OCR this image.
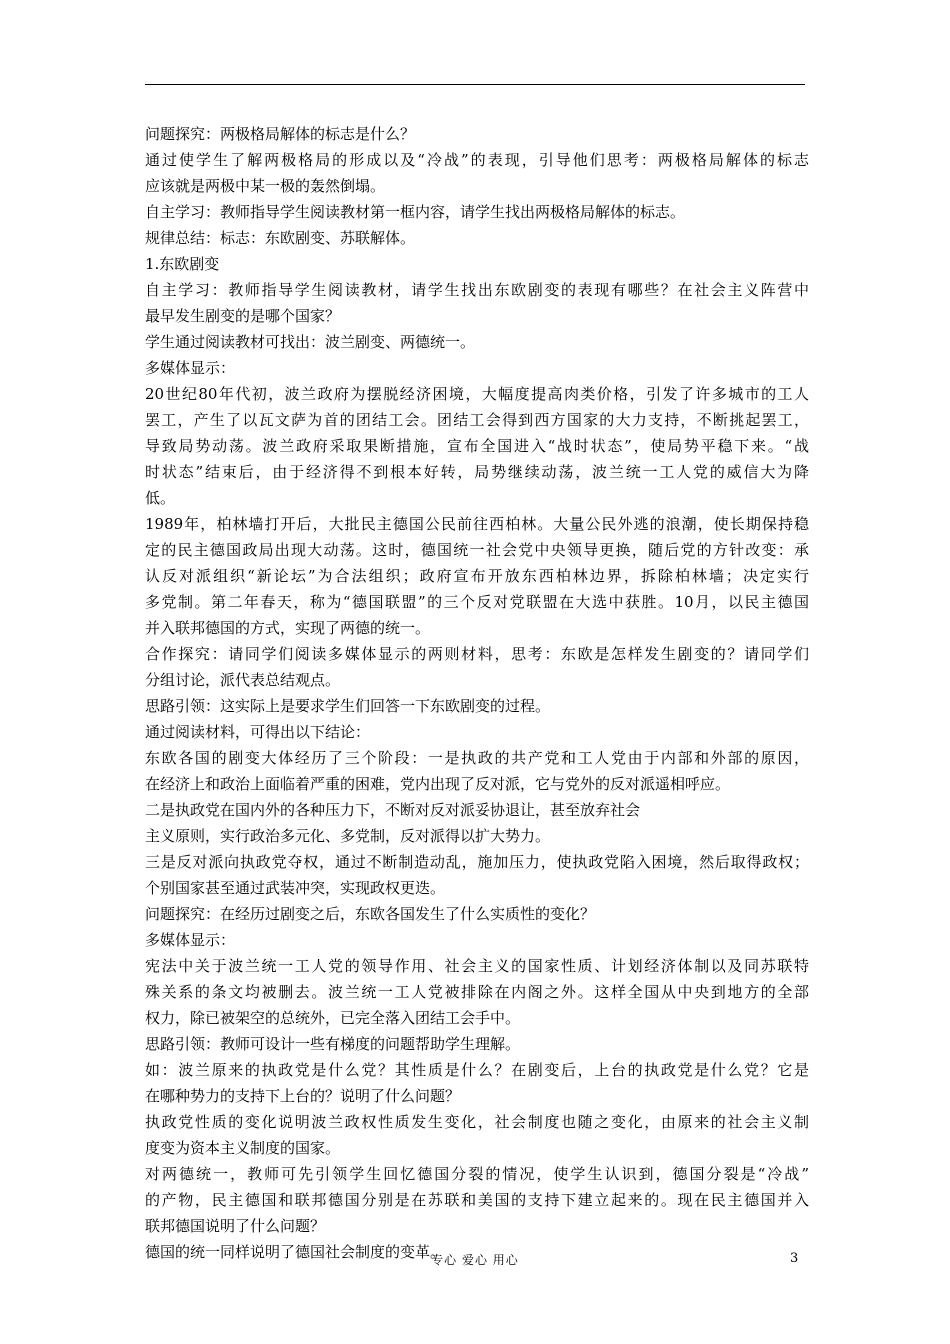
问题探究：两极格局解体的标志是什么？
通过使学生了解两极格局的形成以及“冷战”的表现，引导他们思考：两极格局解体的标志
应该就是两极中某一极的轰然倒塌。
自主学习：教师指导学生阅读教材第一框内容，请学生找出两极格局解体的标志。
规律总结：标志：东欧剧变、苏联解体。
1.东欧剧变
自主学习：教师指导学生阅读教材，请学生找出东欧剧变的表现有哪些？在社会主义阵营中
最早发生剧变的是哪个国家？
学生通过阅读教材可找出：波兰剧变、两德统一。
多媒体显示：
20世纪80年代初，波兰政府为摆脱经济困境，大幅度提高肉类价格，引发了许多城市的工人
罢工，产生了以瓦文萨为首的团结工会。团结工会得到西方国家的大力支持，不断挑起罢工，
导致局势动荡。波兰政府采取果断措施，宣布全国进入“战时状态”，使局势平稳下来。“战
时状态”结束后，由于经济得不到根本好转，局势继续动荡，波兰统一工人党的威信大为降
低。
1989年，柏林墙打开后，大批民主德国公民前往西柏林。大量公民外逃的浪潮，使长期保持稳
定的民主德国政局出现大动荡。这时，德国统一社会党中央领导更换，随后党的方针改变：承
认反对派组织“新论坛”为合法组织；政府宣布开放东西柏林边界，拆除柏林墙；决定实行
多党制。第二年春天，称为“德国联盟”的三个反对党联盟在大选中获胜。10月，以民主德国
并入联邦德国的方式，实现了两德的统一。
合作探究：请同学们阅读多媒体显示的两则材料，思考：东欧是怎样发生剧变的？请同学们
分组讨论，派代表总结观点。
思路引领：这实际上是要求学生们回答一下东欧剧变的过程。
通过阅读材料，可得出以下结论：
东欧各国的剧变大体经历了三个阶段：一是执政的共产党和工人党由于内部和外部的原因，
在经济上和政治上面临着严重的困难，党内出现了反对派，它与党外的反对派遥相呼应。
二是执政党在国内外的各种压力下，不断对反对派妥协退让，甚至放弃社会
主义原则，实行政治多元化、多党制，反对派得以扩大势力。
三是反对派向执政党夺权，通过不断制造动乱，施加压力，使执政党陷入困境，然后取得政权；
个别国家甚至通过武装冲突，实现政权更迭。
问题探究：在经历过剧变之后，东欧各国发生了什么实质性的变化？
多媒体显示：
宪法中关于波兰统一工人党的领导作用、社会主义的国家性质、计划经济体制以及同苏联特
殊关系的条文均被删去。波兰统一工人党被排除在内阁之外。这样全国从中央到地方的全部
权力，除已被架空的总统外，已完全落入团结工会手中。
思路引领：教师可设计一些有梯度的问题帮助学生理解。
如：波兰原来的执政党是什么党？其性质是什么？在剧变后，上台的执政党是什么党？它是
在哪种势力的支持下上台的？说明了什么问题？
执政党性质的变化说明波兰政权性质发生变化，社会制度也随之变化，由原来的社会主义制
度变为资本主义制度的国家。
对两德统一，教师可先引领学生回忆德国分裂的情况，使学生认识到，德国分裂是“冷战”
的产物，民主德国和联邦德国分别是在苏联和美国的支持下建立起来的。现在民主德国并入
联邦德国说明了什么问题？
德国的统一同样说明了德国社会制度的变革。
专心 爱心 用心	3
